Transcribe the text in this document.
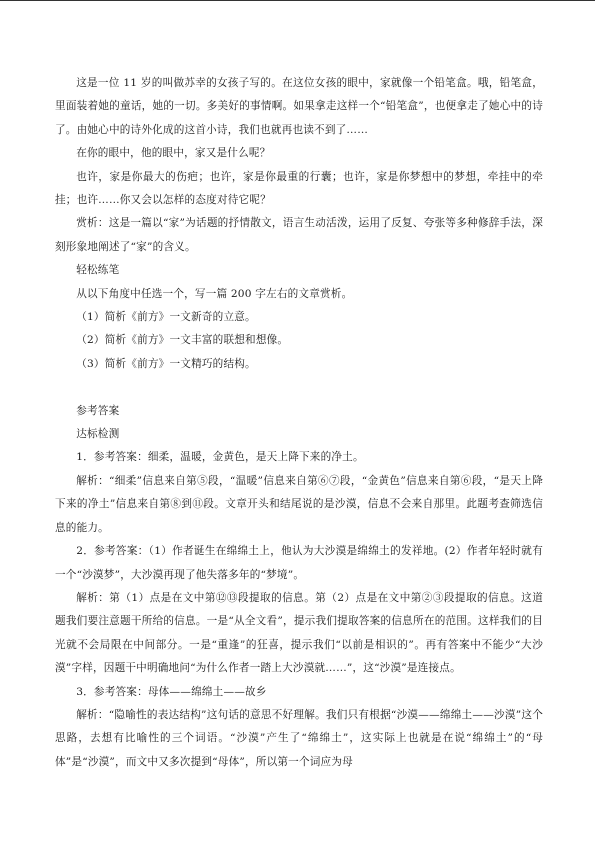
这是一位 11 岁的叫做苏幸的女孩子写的。在这位女孩的眼中，家就像一个铅笔盒。哦，铅笔盒，里面装着她的童话，她的一切。多美好的事情啊。如果拿走这样一个“铅笔盒”，也便拿走了她心中的诗了。由她心中的诗外化成的这首小诗，我们也就再也读不到了……

在你的眼中，他的眼中，家又是什么呢？

也许，家是你最大的伤疤；也许，家是你最重的行囊；也许，家是你梦想中的梦想，牵挂中的牵挂；也许……你又会以怎样的态度对待它呢？

赏析：这是一篇以“家”为话题的抒情散文，语言生动活泼，运用了反复、夸张等多种修辞手法，深刻形象地阐述了“家”的含义。

轻松练笔

从以下角度中任选一个，写一篇 200 字左右的文章赏析。

（1）简析《前方》一文新奇的立意。

（2）简析《前方》一文丰富的联想和想像。

（3）简析《前方》一文精巧的结构。

参考答案

达标检测

1．参考答案：细柔，温暖，金黄色，是天上降下来的净土。

解析：“细柔”信息来自第⑤段，“温暖”信息来自第⑥⑦段，“金黄色”信息来自第⑥段，“是天上降下来的净土”信息来自第⑧到⑪段。文章开头和结尾说的是沙漠，信息不会来自那里。此题考查筛选信息的能力。

2．参考答案：（1）作者诞生在绵绵土上，他认为大沙漠是绵绵土的发祥地。(2）作者年轻时就有一个“沙漠梦”，大沙漠再现了他失落多年的“梦境”。

解析：第（1）点是在文中第⑫⑬段提取的信息。第（2）点是在文中第②③段提取的信息。这道题我们要注意题干所给的信息。一是“从全文看”，提示我们提取答案的信息所在的范围。这样我们的目光就不会局限在中间部分。一是“重逢”的狂喜，提示我们“以前是相识的”。再有答案中不能少“大沙漠”字样，因题干中明确地问“为什么作者一踏上大沙漠就……”，这“沙漠”是连接点。

3．参考答案：母体——绵绵土——故乡

解析：“隐喻性的表达结构”这句话的意思不好理解。我们只有根据“沙漠——绵绵土——沙漠”这个思路，去想有比喻性的三个词语。“沙漠”产生了“绵绵土”，这实际上也就是在说“绵绵土”的“母体”是“沙漠”，而文中又多次提到“母体”，所以第一个词应为母
